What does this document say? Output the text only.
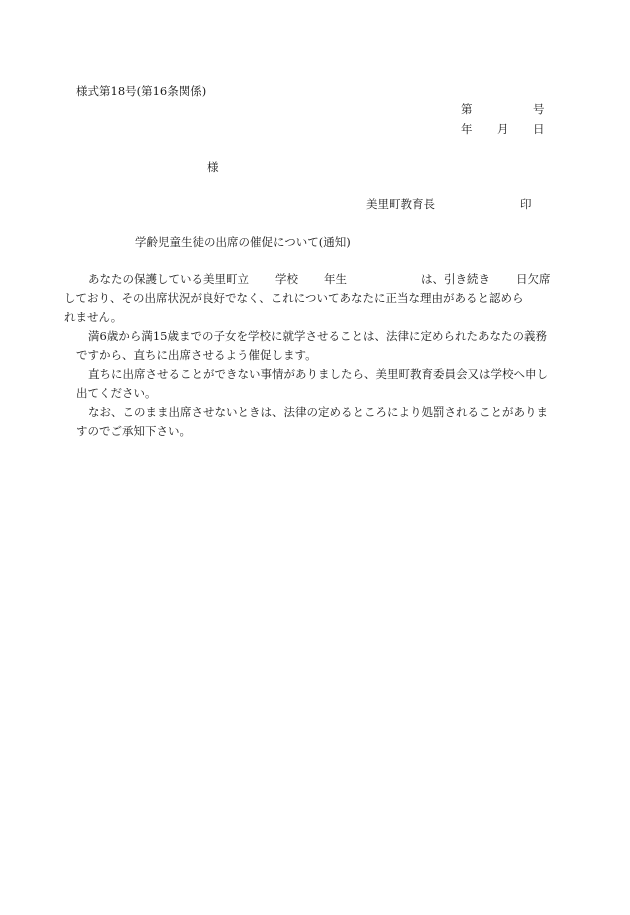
様式第18号(第16条関係)
第	号
年 月 日
様
美里町教育長	印
学齢児童生徒の出席の催促について(通知)

あなたの保護している美里町立 学校 年生	は、引き続き 日欠席
しており、その出席状況が良好でなく、これについてあなたに正当な理由があると認めら
れません。

満6歳から満15歳までの子女を学校に就学させることは、法律に定められたあなたの義務ですから、直ちに出席させるよう催促します。

直ちに出席させることができない事情がありましたら、美里町教育委員会又は学校へ申し出てください。

なお、このまま出席させないときは、法律の定めるところにより処罰されることがありますのでご承知下さい。
